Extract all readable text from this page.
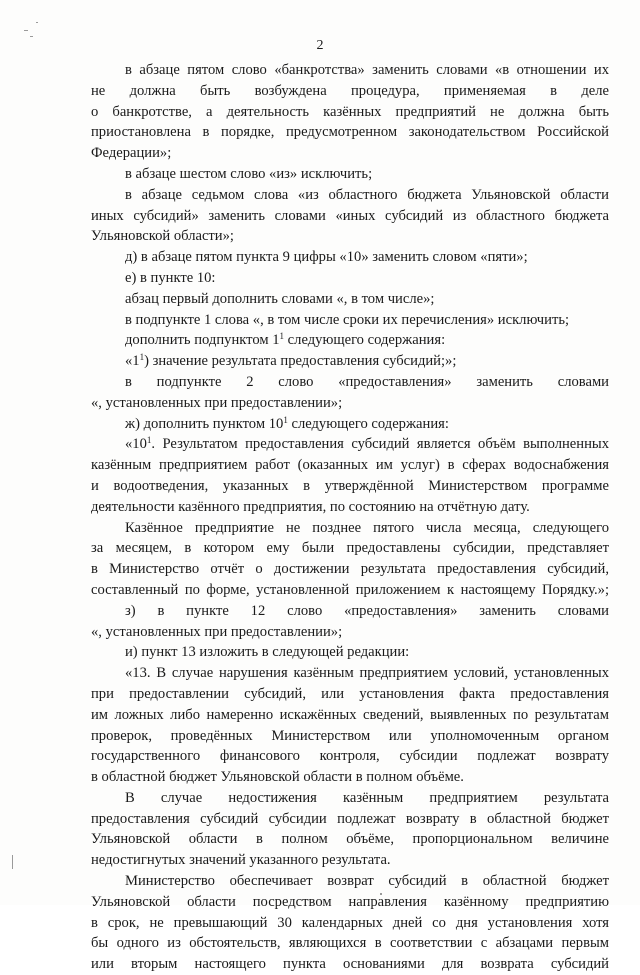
2
в абзаце пятом слово «банкротства» заменить словами «в отношении их
не должна быть возбуждена процедура, применяемая в деле
о банкротстве, а деятельность казённых предприятий не должна быть
приостановлена в порядке, предусмотренном законодательством Российской
Федерации»;
в абзаце шестом слово «из» исключить;
в абзаце седьмом слова «из областного бюджета Ульяновской области
иных субсидий» заменить словами «иных субсидий из областного бюджета
Ульяновской области»;
д) в абзаце пятом пункта 9 цифры «10» заменить словом «пяти»;
е) в пункте 10:
абзац первый дополнить словами «, в том числе»;
в подпункте 1 слова «, в том числе сроки их перечисления» исключить;
дополнить подпунктом $1^1$ следующего содержания:
«$1^1$) значение результата предоставления субсидий;»;
в подпункте 2 слово «предоставления» заменить словами
«, установленных при предоставлении»;
ж) дополнить пунктом $10^1$ следующего содержания:
«$10^1$. Результатом предоставления субсидий является объём выполненных
казённым предприятием работ (оказанных им услуг) в сферах водоснабжения
и водоотведения, указанных в утверждённой Министерством программе
деятельности казённого предприятия, по состоянию на отчётную дату.
Казённое предприятие не позднее пятого числа месяца, следующего
за месяцем, в котором ему были предоставлены субсидии, представляет
в Министерство отчёт о достижении результата предоставления субсидий,
составленный по форме, установленной приложением к настоящему Порядку.»;
з) в пункте 12 слово «предоставления» заменить словами
«, установленных при предоставлении»;
и) пункт 13 изложить в следующей редакции:
«13. В случае нарушения казённым предприятием условий, установленных
при предоставлении субсидий, или установления факта предоставления
им ложных либо намеренно искажённых сведений, выявленных по результатам
проверок, проведённых Министерством или уполномоченным органом
государственного финансового контроля, субсидии подлежат возврату
в областной бюджет Ульяновской области в полном объёме.
В случае недостижения казённым предприятием результата
предоставления субсидий субсидии подлежат возврату в областной бюджет
Ульяновской области в полном объёме, пропорциональном величине
недостигнутых значений указанного результата.
Министерство обеспечивает возврат субсидий в областной бюджет
Ульяновской области посредством направления казённому предприятию
в срок, не превышающий 30 календарных дней со дня установления хотя
бы одного из обстоятельств, являющихся в соответствии с абзацами первым
или вторым настоящего пункта основаниями для возврата субсидий
